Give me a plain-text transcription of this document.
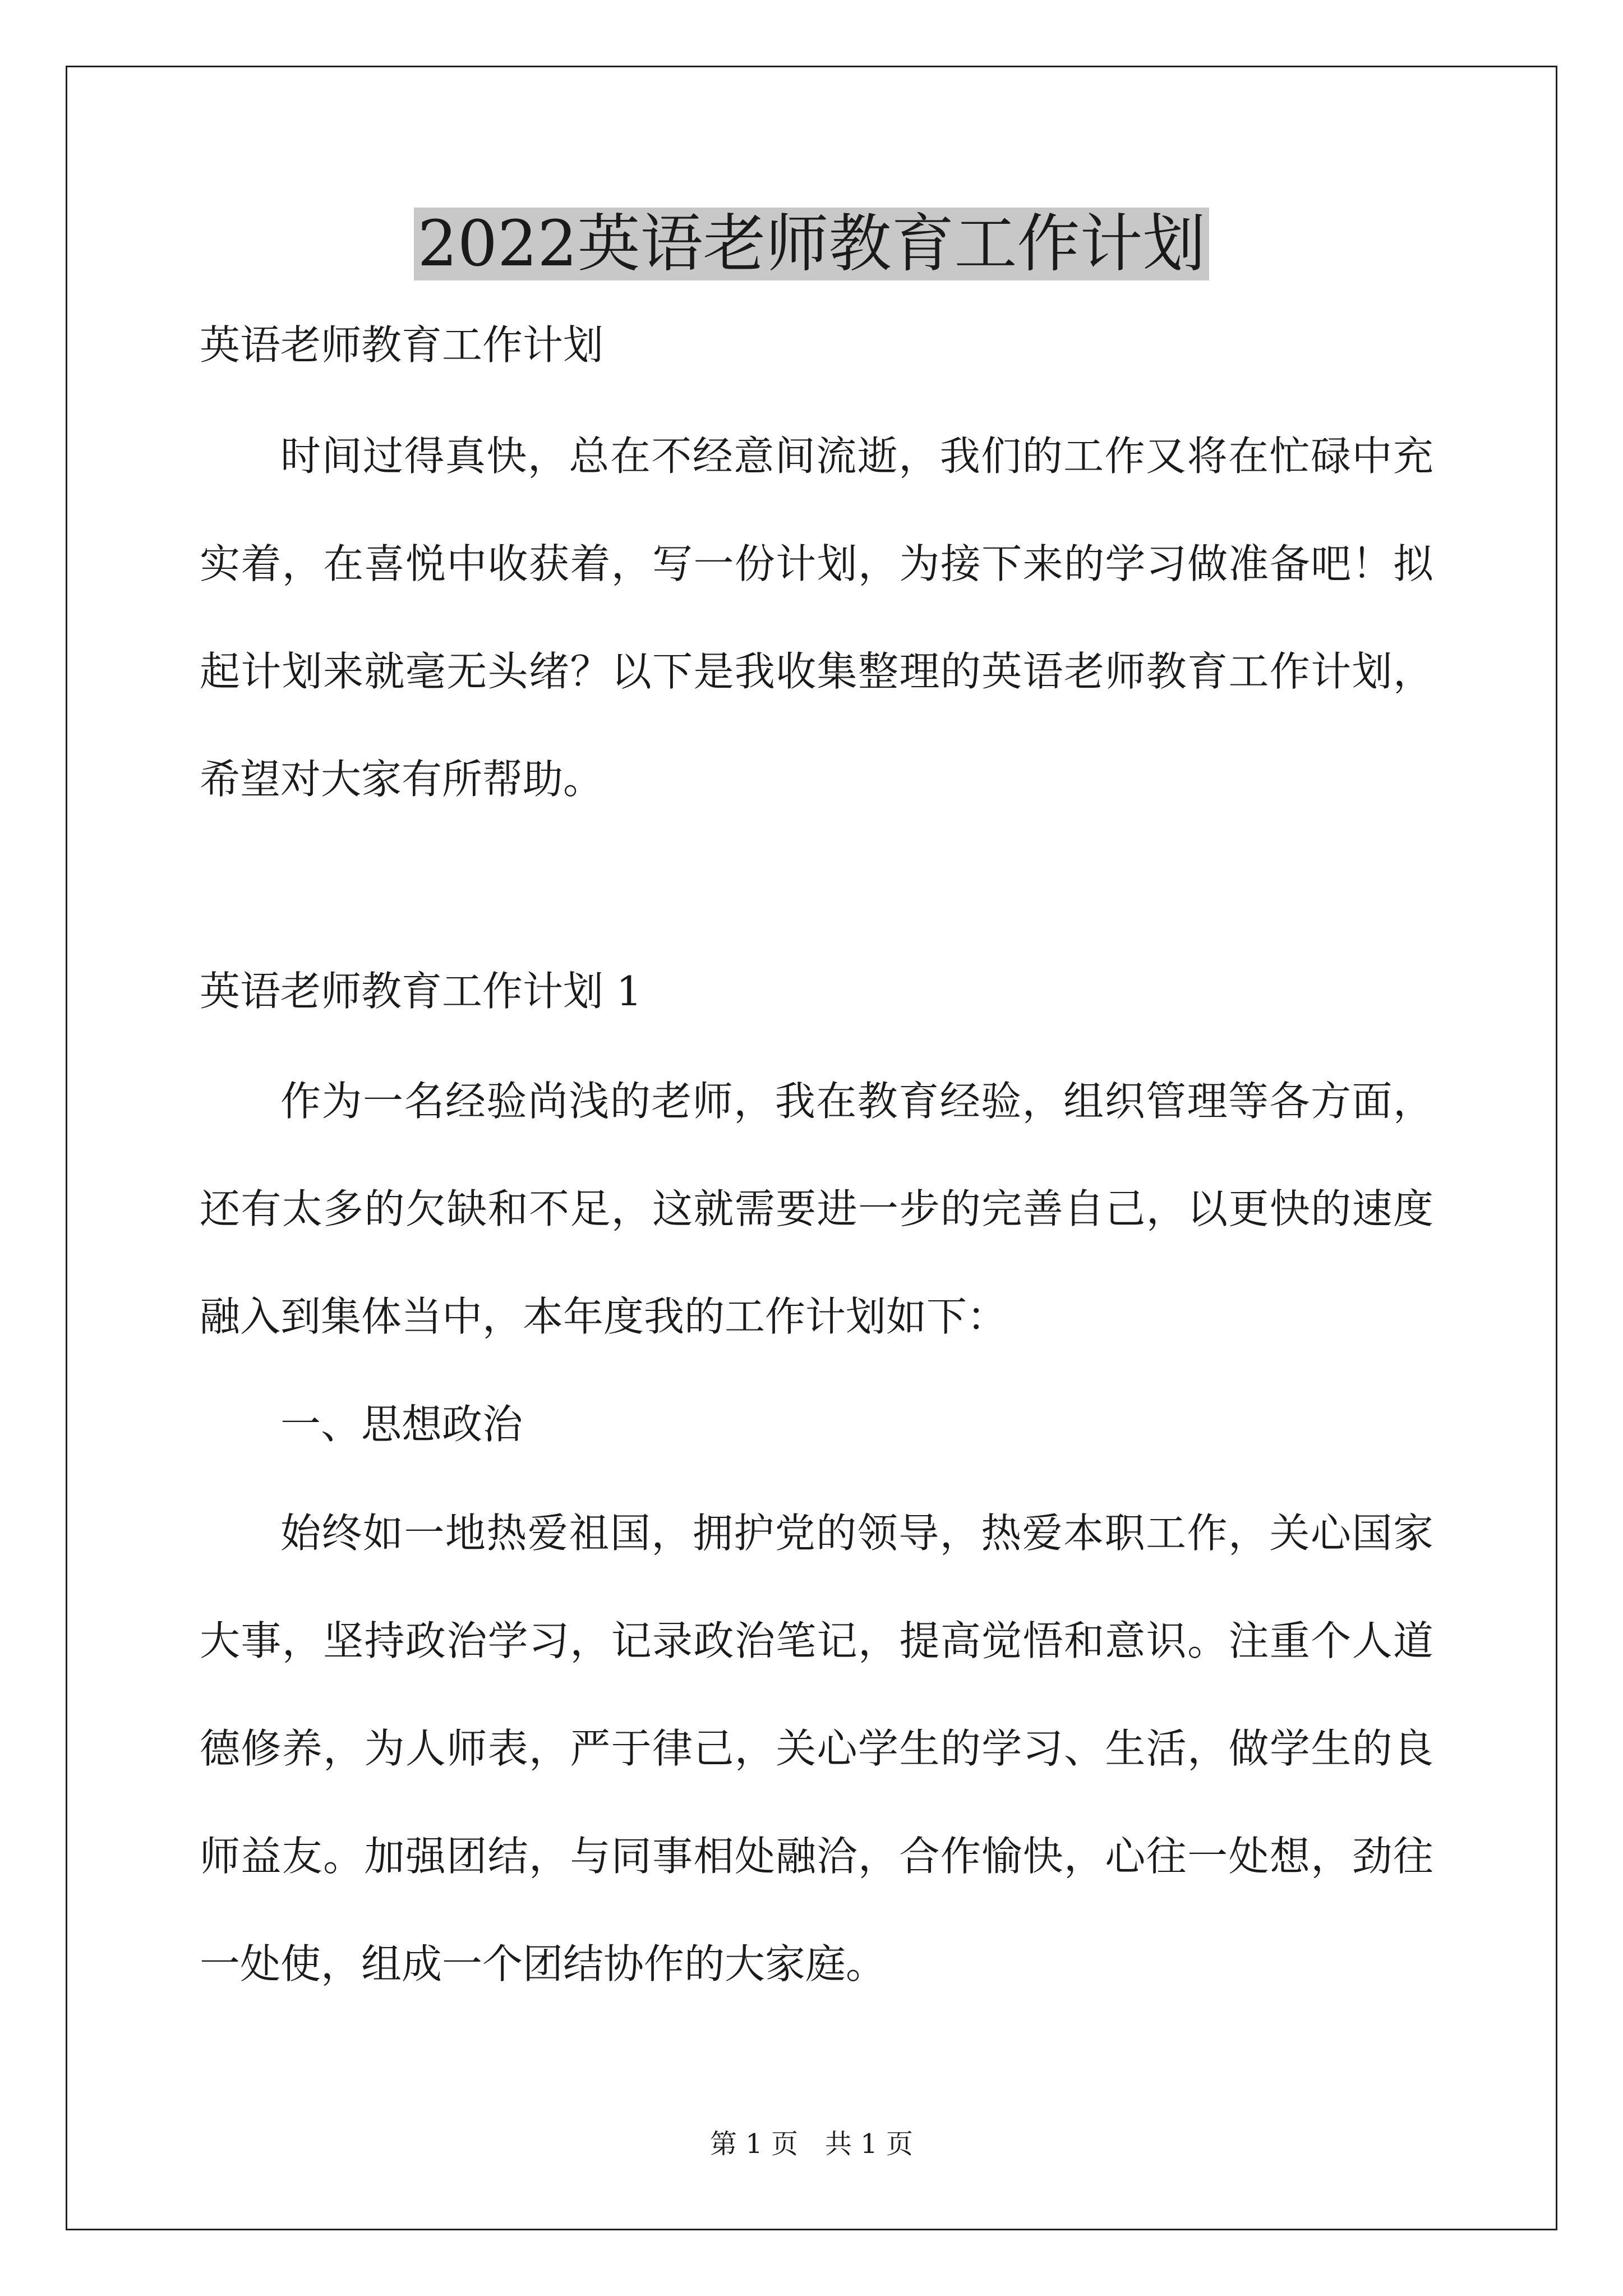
2022英语老师教育工作计划

英语老师教育工作计划

时间过得真快，总在不经意间流逝，我们的工作又将在忙碌中充

实着，在喜悦中收获着，写一份计划，为接下来的学习做准备吧！拟

起计划来就毫无头绪？以下是我收集整理的英语老师教育工作计划，

希望对大家有所帮助。

英语老师教育工作计划 1

作为一名经验尚浅的老师，我在教育经验，组织管理等各方面，

还有太多的欠缺和不足，这就需要进一步的完善自己，以更快的速度

融入到集体当中，本年度我的工作计划如下：

一、思想政治

始终如一地热爱祖国，拥护党的领导，热爱本职工作，关心国家

大事，坚持政治学习，记录政治笔记，提高觉悟和意识。注重个人道

德修养，为人师表，严于律己，关心学生的学习、生活，做学生的良

师益友。加强团结，与同事相处融洽，合作愉快，心往一处想，劲往

一处使，组成一个团结协作的大家庭。

第 1 页　共 1 页
